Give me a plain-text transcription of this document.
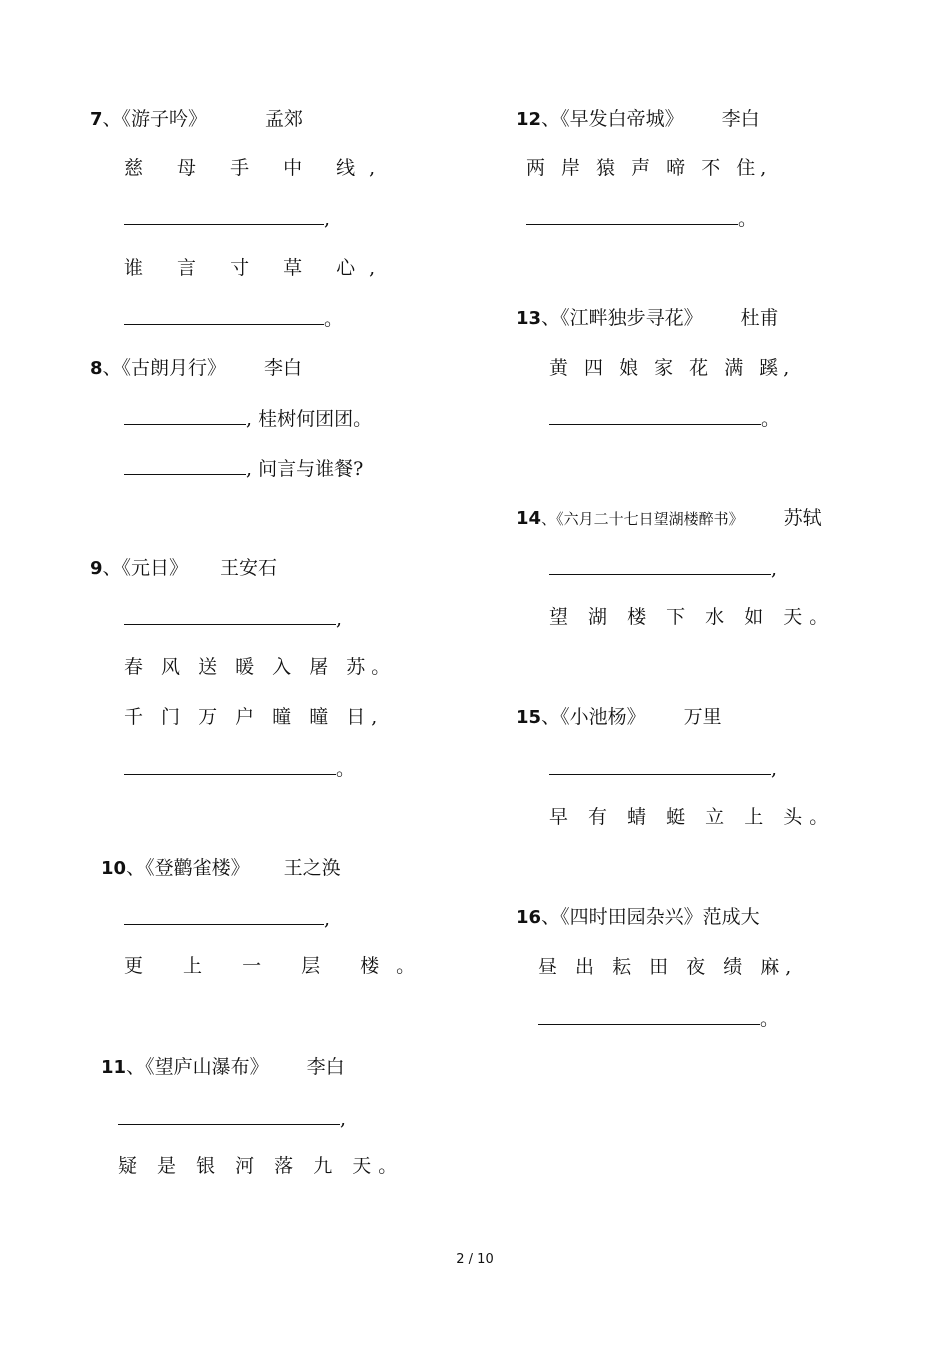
7、《游子吟》	孟郊
慈 母 手 中 线,
,
谁 言 寸 草 心,
。
8、《古朗月行》 李白
, 桂树何团团。
, 问言与谁餐?
9、《元日》 王安石
,
春 风 送 暖 入 屠 苏。
千 门 万 户 曈 曈 日,
。
10、《登鹳雀楼》 王之涣
,
更 上 一 层 楼。
11、《望庐山瀑布》 李白
,
疑 是 银 河 落 九 天。
12、《早发白帝城》 李白
两 岸 猿 声 啼 不 住,
。
13、《江畔独步寻花》 杜甫
黄 四 娘 家 花 满 蹊,
。
14、《六月二十七日望湖楼醉书》 苏轼
,
望 湖 楼 下 水 如 天。
15、《小池杨》 万里
,
早 有 蜻 蜓 立 上 头。
16、《四时田园杂兴》范成大
昼 出 耘 田 夜 绩 麻,
。
2 / 10
